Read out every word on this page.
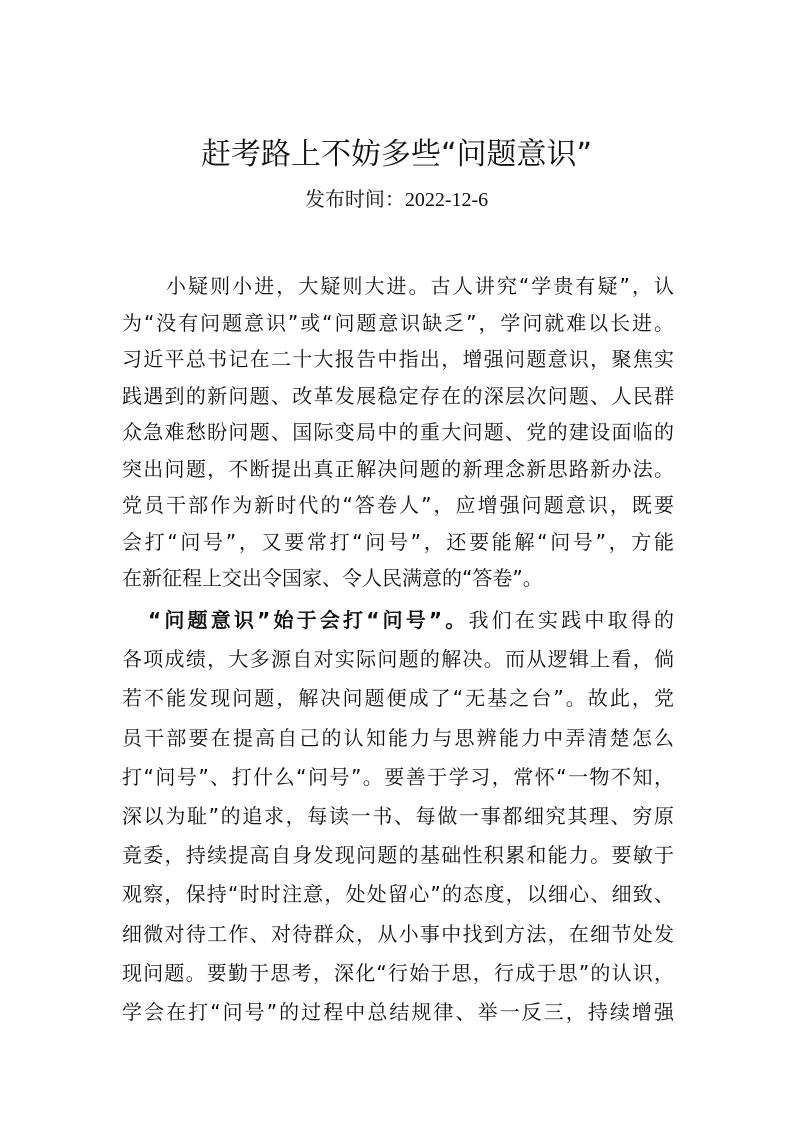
赶考路上不妨多些“问题意识”
发布时间：2022-12-6
小疑则小进，大疑则大进。古人讲究“学贵有疑”，认
为“没有问题意识”或“问题意识缺乏”，学问就难以长进。
习近平总书记在二十大报告中指出，增强问题意识，聚焦实
践遇到的新问题、改革发展稳定存在的深层次问题、人民群
众急难愁盼问题、国际变局中的重大问题、党的建设面临的
突出问题，不断提出真正解决问题的新理念新思路新办法。
党员干部作为新时代的“答卷人”，应增强问题意识，既要
会打“问号”，又要常打“问号”，还要能解“问号”，方能
在新征程上交出令国家、令人民满意的“答卷”。
“问题意识”始于会打“问号”。我们在实践中取得的
各项成绩，大多源自对实际问题的解决。而从逻辑上看，倘
若不能发现问题，解决问题便成了“无基之台”。故此，党
员干部要在提高自己的认知能力与思辨能力中弄清楚怎么
打“问号”、打什么“问号”。要善于学习，常怀“一物不知，
深以为耻”的追求，每读一书、每做一事都细究其理、穷原
竟委，持续提高自身发现问题的基础性积累和能力。要敏于
观察，保持“时时注意，处处留心”的态度，以细心、细致、
细微对待工作、对待群众，从小事中找到方法，在细节处发
现问题。要勤于思考，深化“行始于思，行成于思”的认识，
学会在打“问号”的过程中总结规律、举一反三，持续增强
